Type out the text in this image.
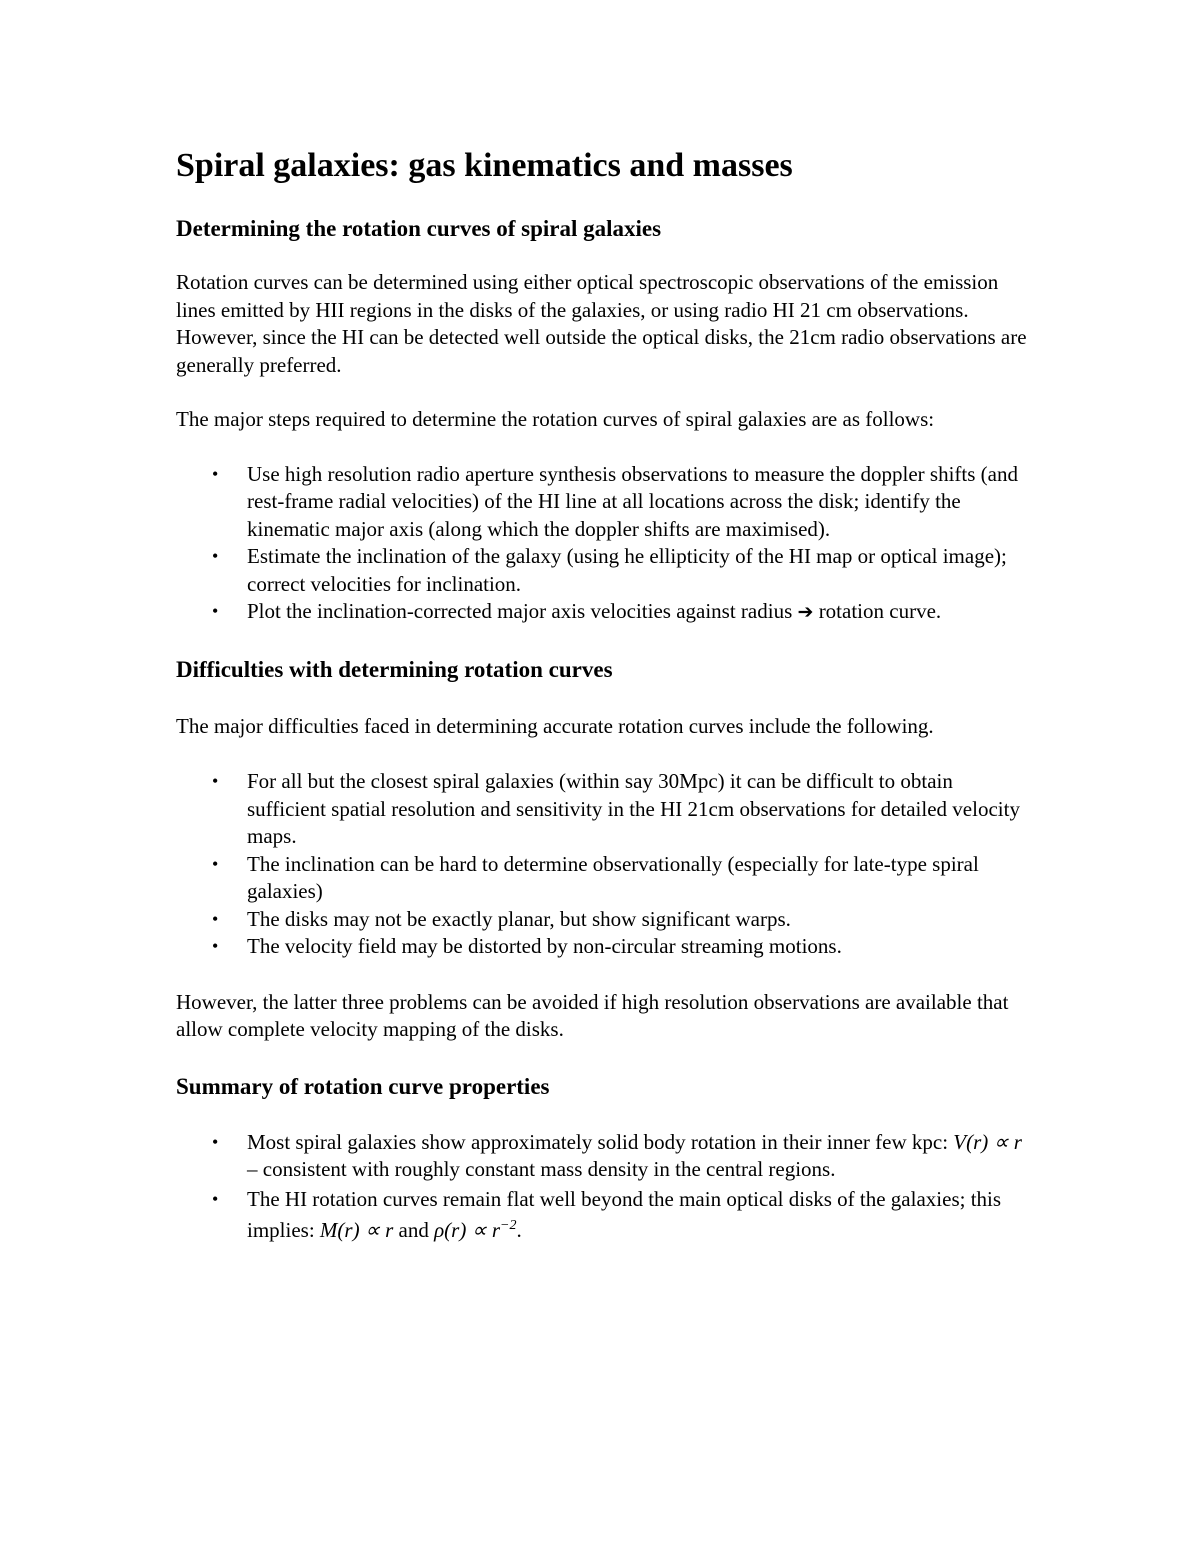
Spiral galaxies: gas kinematics and masses
Determining the rotation curves of spiral galaxies

Rotation curves can be determined using either optical spectroscopic observations of the emission lines emitted by HII regions in the disks of the galaxies, or using radio HI 21 cm observations. However, since the HI can be detected well outside the optical disks, the 21cm radio observations are generally preferred.

The major steps required to determine the rotation curves of spiral galaxies are as follows:

• Use high resolution radio aperture synthesis observations to measure the doppler shifts (and rest-frame radial velocities) of the HI line at all locations across the disk; identify the kinematic major axis (along which the doppler shifts are maximised).
• Estimate the inclination of the galaxy (using he ellipticity of the HI map or optical image); correct velocities for inclination.
• Plot the inclination-corrected major axis velocities against radius ➔ rotation curve.
Difficulties with determining rotation curves

The major difficulties faced in determining accurate rotation curves include the following.

• For all but the closest spiral galaxies (within say 30Mpc) it can be difficult to obtain sufficient spatial resolution and sensitivity in the HI 21cm observations for detailed velocity maps.
• The inclination can be hard to determine observationally (especially for late-type spiral galaxies)
• The disks may not be exactly planar, but show significant warps.
• The velocity field may be distorted by non-circular streaming motions.

However, the latter three problems can be avoided if high resolution observations are available that allow complete velocity mapping of the disks.

Summary of rotation curve properties
• Most spiral galaxies show approximately solid body rotation in their inner few kpc: V(r) ∝ r – consistent with roughly constant mass density in the central regions.
• The HI rotation curves remain flat well beyond the main optical disks of the galaxies; this implies: M(r) ∝ r and $\rho(r) \propto r^{-2}$.
